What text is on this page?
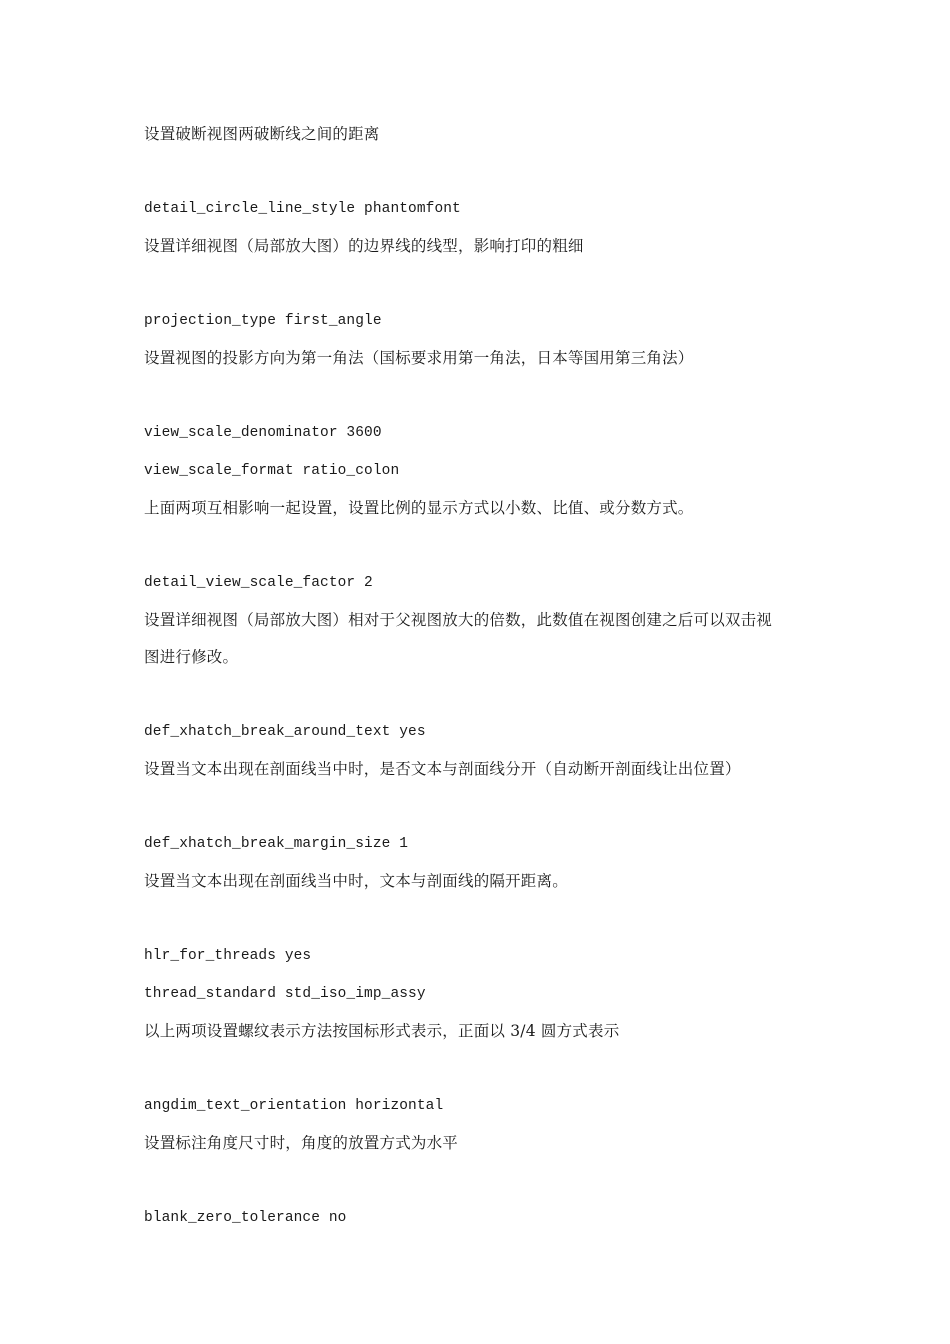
设置破断视图两破断线之间的距离
detail_circle_line_style phantomfont
设置详细视图（局部放大图）的边界线的线型，影响打印的粗细
projection_type first_angle
设置视图的投影方向为第一角法（国标要求用第一角法，日本等国用第三角法）
view_scale_denominator 3600
view_scale_format ratio_colon
上面两项互相影响一起设置，设置比例的显示方式以小数、比值、或分数方式。
detail_view_scale_factor 2
设置详细视图（局部放大图）相对于父视图放大的倍数，此数值在视图创建之后可以双击视
图进行修改。
def_xhatch_break_around_text yes
设置当文本出现在剖面线当中时，是否文本与剖面线分开（自动断开剖面线让出位置）
def_xhatch_break_margin_size 1
设置当文本出现在剖面线当中时，文本与剖面线的隔开距离。
hlr_for_threads yes
thread_standard std_iso_imp_assy
以上两项设置螺纹表示方法按国标形式表示，正面以 3/4 圆方式表示
angdim_text_orientation horizontal
设置标注角度尺寸时，角度的放置方式为水平
blank_zero_tolerance no
